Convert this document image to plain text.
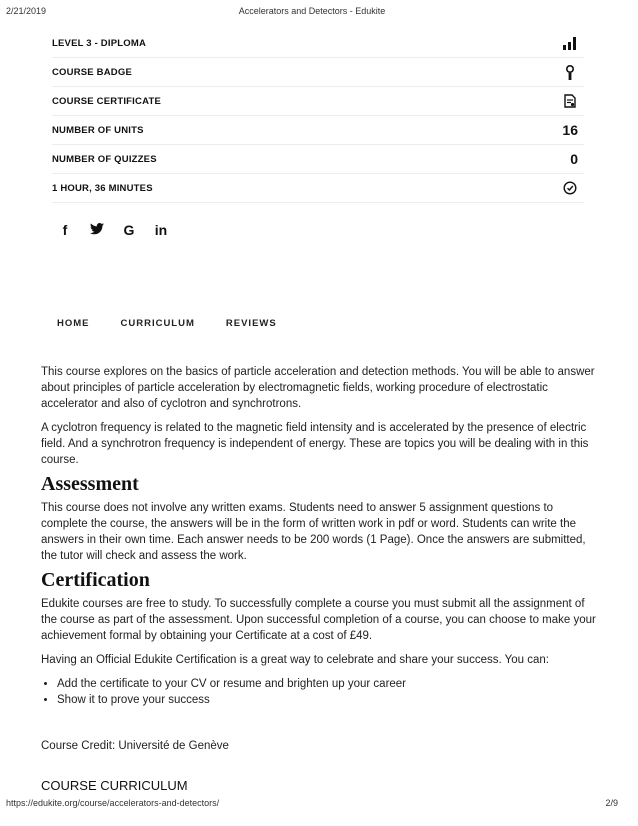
2/21/2019	Accelerators and Detectors - Edukite
LEVEL 3 - DIPLOMA
COURSE BADGE
COURSE CERTIFICATE
NUMBER OF UNITS	16
NUMBER OF QUIZZES	0
1 HOUR, 36 MINUTES
f	G in
HOME	CURRICULUM	REVIEWS

This course explores on the basics of particle acceleration and detection methods. You will be able to answer about principles of particle acceleration by electromagnetic fields, working procedure of electrostatic accelerator and also of cyclotron and synchrotrons.

A cyclotron frequency is related to the magnetic field intensity and is accelerated by the presence of electric field. And a synchrotron frequency is independent of energy. These are topics you will be dealing with in this course.

Assessment

This course does not involve any written exams. Students need to answer 5 assignment questions to complete the course, the answers will be in the form of written work in pdf or word. Students can write the answers in their own time. Each answer needs to be 200 words (1 Page). Once the answers are submitted, the tutor will check and assess the work.

Certification

Edukite courses are free to study. To successfully complete a course you must submit all the assignment of the course as part of the assessment. Upon successful completion of a course, you can choose to make your achievement formal by obtaining your Certificate at a cost of £49.

Having an Official Edukite Certification is a great way to celebrate and share your success. You can:

• Add the certificate to your CV or resume and brighten up your career
• Show it to prove your success

Course Credit: Université de Genève

COURSE CURRICULUM
https://edukite.org/course/accelerators-and-detectors/	2/9
